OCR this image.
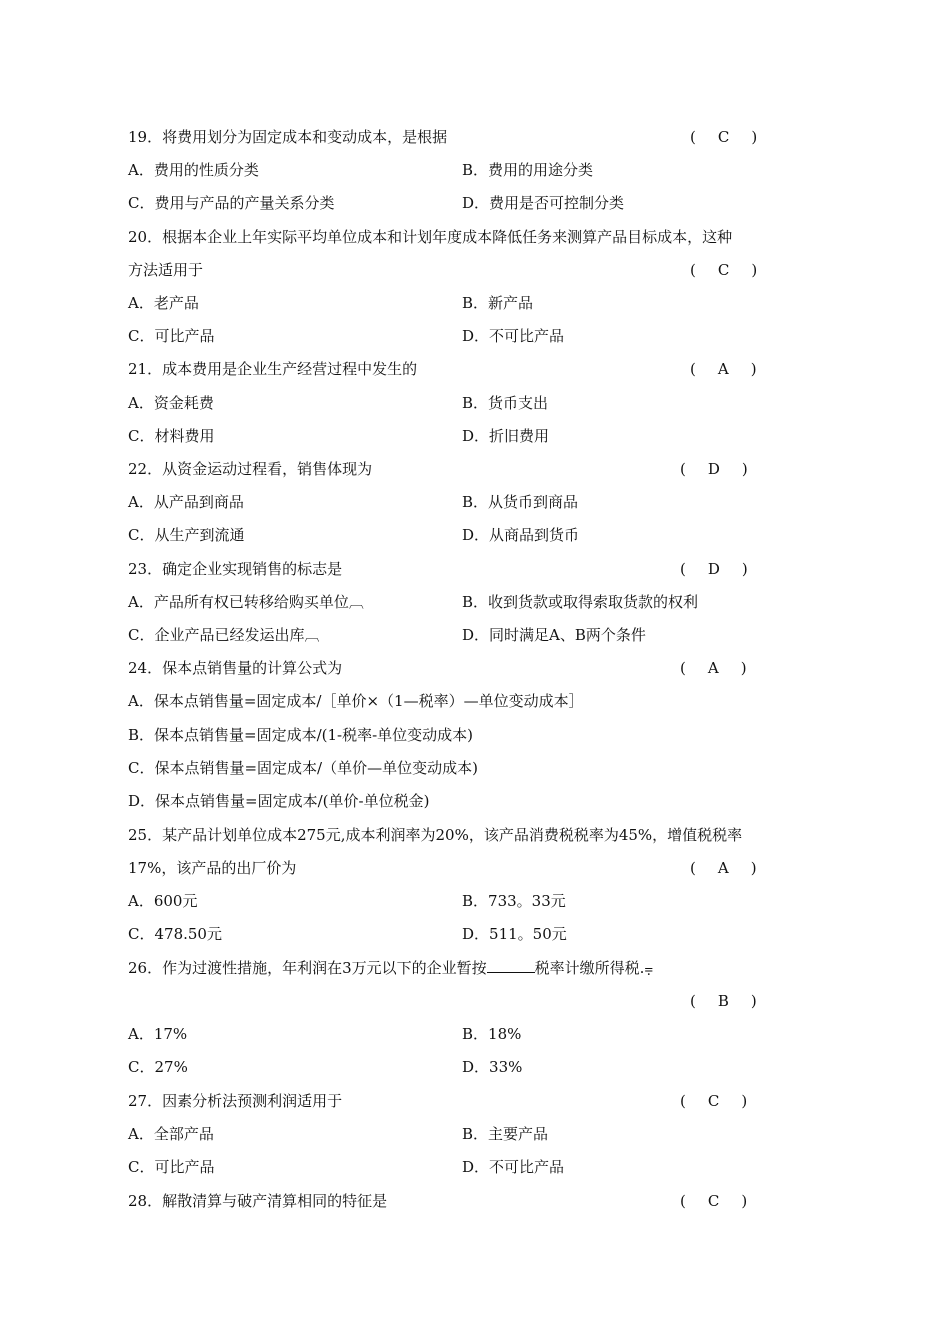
19．将费用划分为固定成本和变动成本，是根据	( C )
A．费用的性质分类	B．费用的用途分类
C．费用与产品的产量关系分类	D．费用是否可控制分类
20．根据本企业上年实际平均单位成本和计划年度成本降低任务来测算产品目标成本，这种
方法适用于	( C )
A．老产品	B．新产品
C．可比产品	D．不可比产品
21．成本费用是企业生产经营过程中发生的	( A )
A．资金耗费	B．货币支出
C．材料费用	D．折旧费用
22．从资金运动过程看，销售体现为	( D )
A．从产品到商品	B．从货币到商品
C．从生产到流通	D．从商品到货币
23．确定企业实现销售的标志是	( D )
A．产品所有权已转移给购买单位︹	B．收到货款或取得索取货款的权利
C．企业产品已经发运出库︹	D．同时满足A、B两个条件
24．保本点销售量的计算公式为	( A )
A．保本点销售量=固定成本/［单价×（1—税率）—单位变动成本］
B．保本点销售量=固定成本/(1-税率-单位变动成本)
C．保本点销售量=固定成本/（单价—单位变动成本)
D．保本点销售量=固定成本/(单价-单位税金)
25．某产品计划单位成本275元,成本利润率为20%，该产品消费税税率为45%，增值税税率
17%，该产品的出厂价为	( A )
A．600元	B．733。33元
C．478.50元	D．511。50元
26．作为过渡性措施，年利润在3万元以下的企业暂按	税率计缴所得税.⩦
( B )
A．17%	B．18%
C．27%	D．33%
27．因素分析法预测利润适用于	( C )
A．全部产品	B．主要产品
C．可比产品	D．不可比产品
28．解散清算与破产清算相同的特征是	( C )
